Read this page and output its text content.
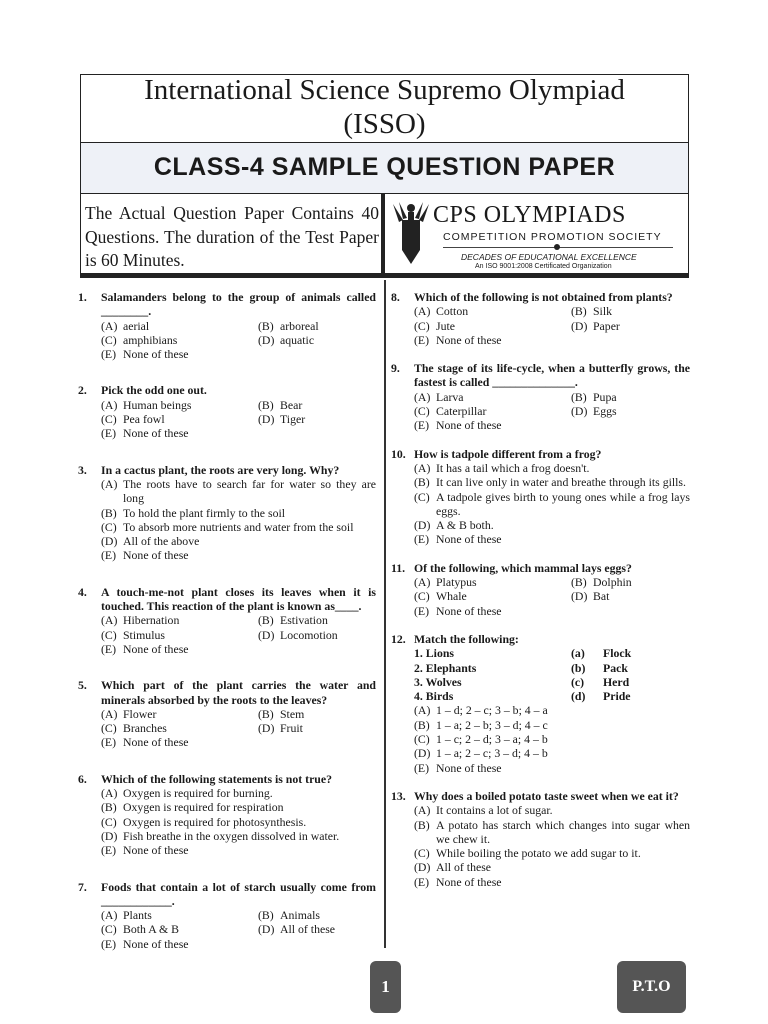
International Science Supremo Olympiad
(ISSO)
CLASS-4 SAMPLE QUESTION PAPER
The Actual Question Paper Contains 40 Questions. The duration of the Test Paper is 60 Minutes.
CPS OLYMPIADS
COMPETITION PROMOTION SOCIETY
DECADES OF EDUCATIONAL EXCELLENCE
An ISO 9001:2008 Certificated Organization
1. Salamanders belong to the group of animals called ________.
(A) aerial	(B) arboreal
(C) amphibians	(D) aquatic
(E) None of these
2. Pick the odd one out.
(A) Human beings	(B) Bear
(C) Pea fowl	(D) Tiger
(E) None of these
3. In a cactus plant, the roots are very long. Why?
(A) The roots have to search far for water so they are long
(B) To hold the plant firmly to the soil
(C) To absorb more nutrients and water from the soil
(D) All of the above
(E) None of these
4. A touch-me-not plant closes its leaves when it is touched. This reaction of the plant is known as____.
(A) Hibernation	(B) Estivation
(C) Stimulus	(D) Locomotion
(E) None of these
5. Which part of the plant carries the water and minerals absorbed by the roots to the leaves?
(A) Flower	(B) Stem
(C) Branches	(D) Fruit
(E) None of these
6. Which of the following statements is not true?
(A) Oxygen is required for burning.
(B) Oxygen is required for respiration
(C) Oxygen is required for photosynthesis.
(D) Fish breathe in the oxygen dissolved in water.
(E) None of these
7. Foods that contain a lot of starch usually come from ____________.
(A) Plants	(B) Animals
(C) Both A & B	(D) All of these
(E) None of these
8. Which of the following is not obtained from plants?
(A) Cotton	(B) Silk
(C) Jute	(D) Paper
(E) None of these
9. The stage of its life-cycle, when a butterfly grows, the fastest is called ______________.
(A) Larva	(B) Pupa
(C) Caterpillar	(D) Eggs
(E) None of these
10. How is tadpole different from a frog?
(A) It has a tail which a frog doesn't.
(B) It can live only in water and breathe through its gills.
(C) A tadpole gives birth to young ones while a frog lays eggs.
(D) A & B both.
(E) None of these
11. Of the following, which mammal lays eggs?
(A) Platypus	(B) Dolphin
(C) Whale	(D) Bat
(E) None of these
12. Match the following:
1. Lions	(a)	Flock
2. Elephants	(b)	Pack
3. Wolves	(c)	Herd
4. Birds	(d)	Pride
(A) 1 – d; 2 – c; 3 – b; 4 – a
(B) 1 – a; 2 – b; 3 – d; 4 – c
(C) 1 – c; 2 – d; 3 – a; 4 – b
(D) 1 – a; 2 – c; 3 – d; 4 – b
(E) None of these
13. Why does a boiled potato taste sweet when we eat it?
(A) It contains a lot of sugar.
(B) A potato has starch which changes into sugar when we chew it.
(C) While boiling the potato we add sugar to it.
(D) All of these
(E) None of these
1	P.T.O
